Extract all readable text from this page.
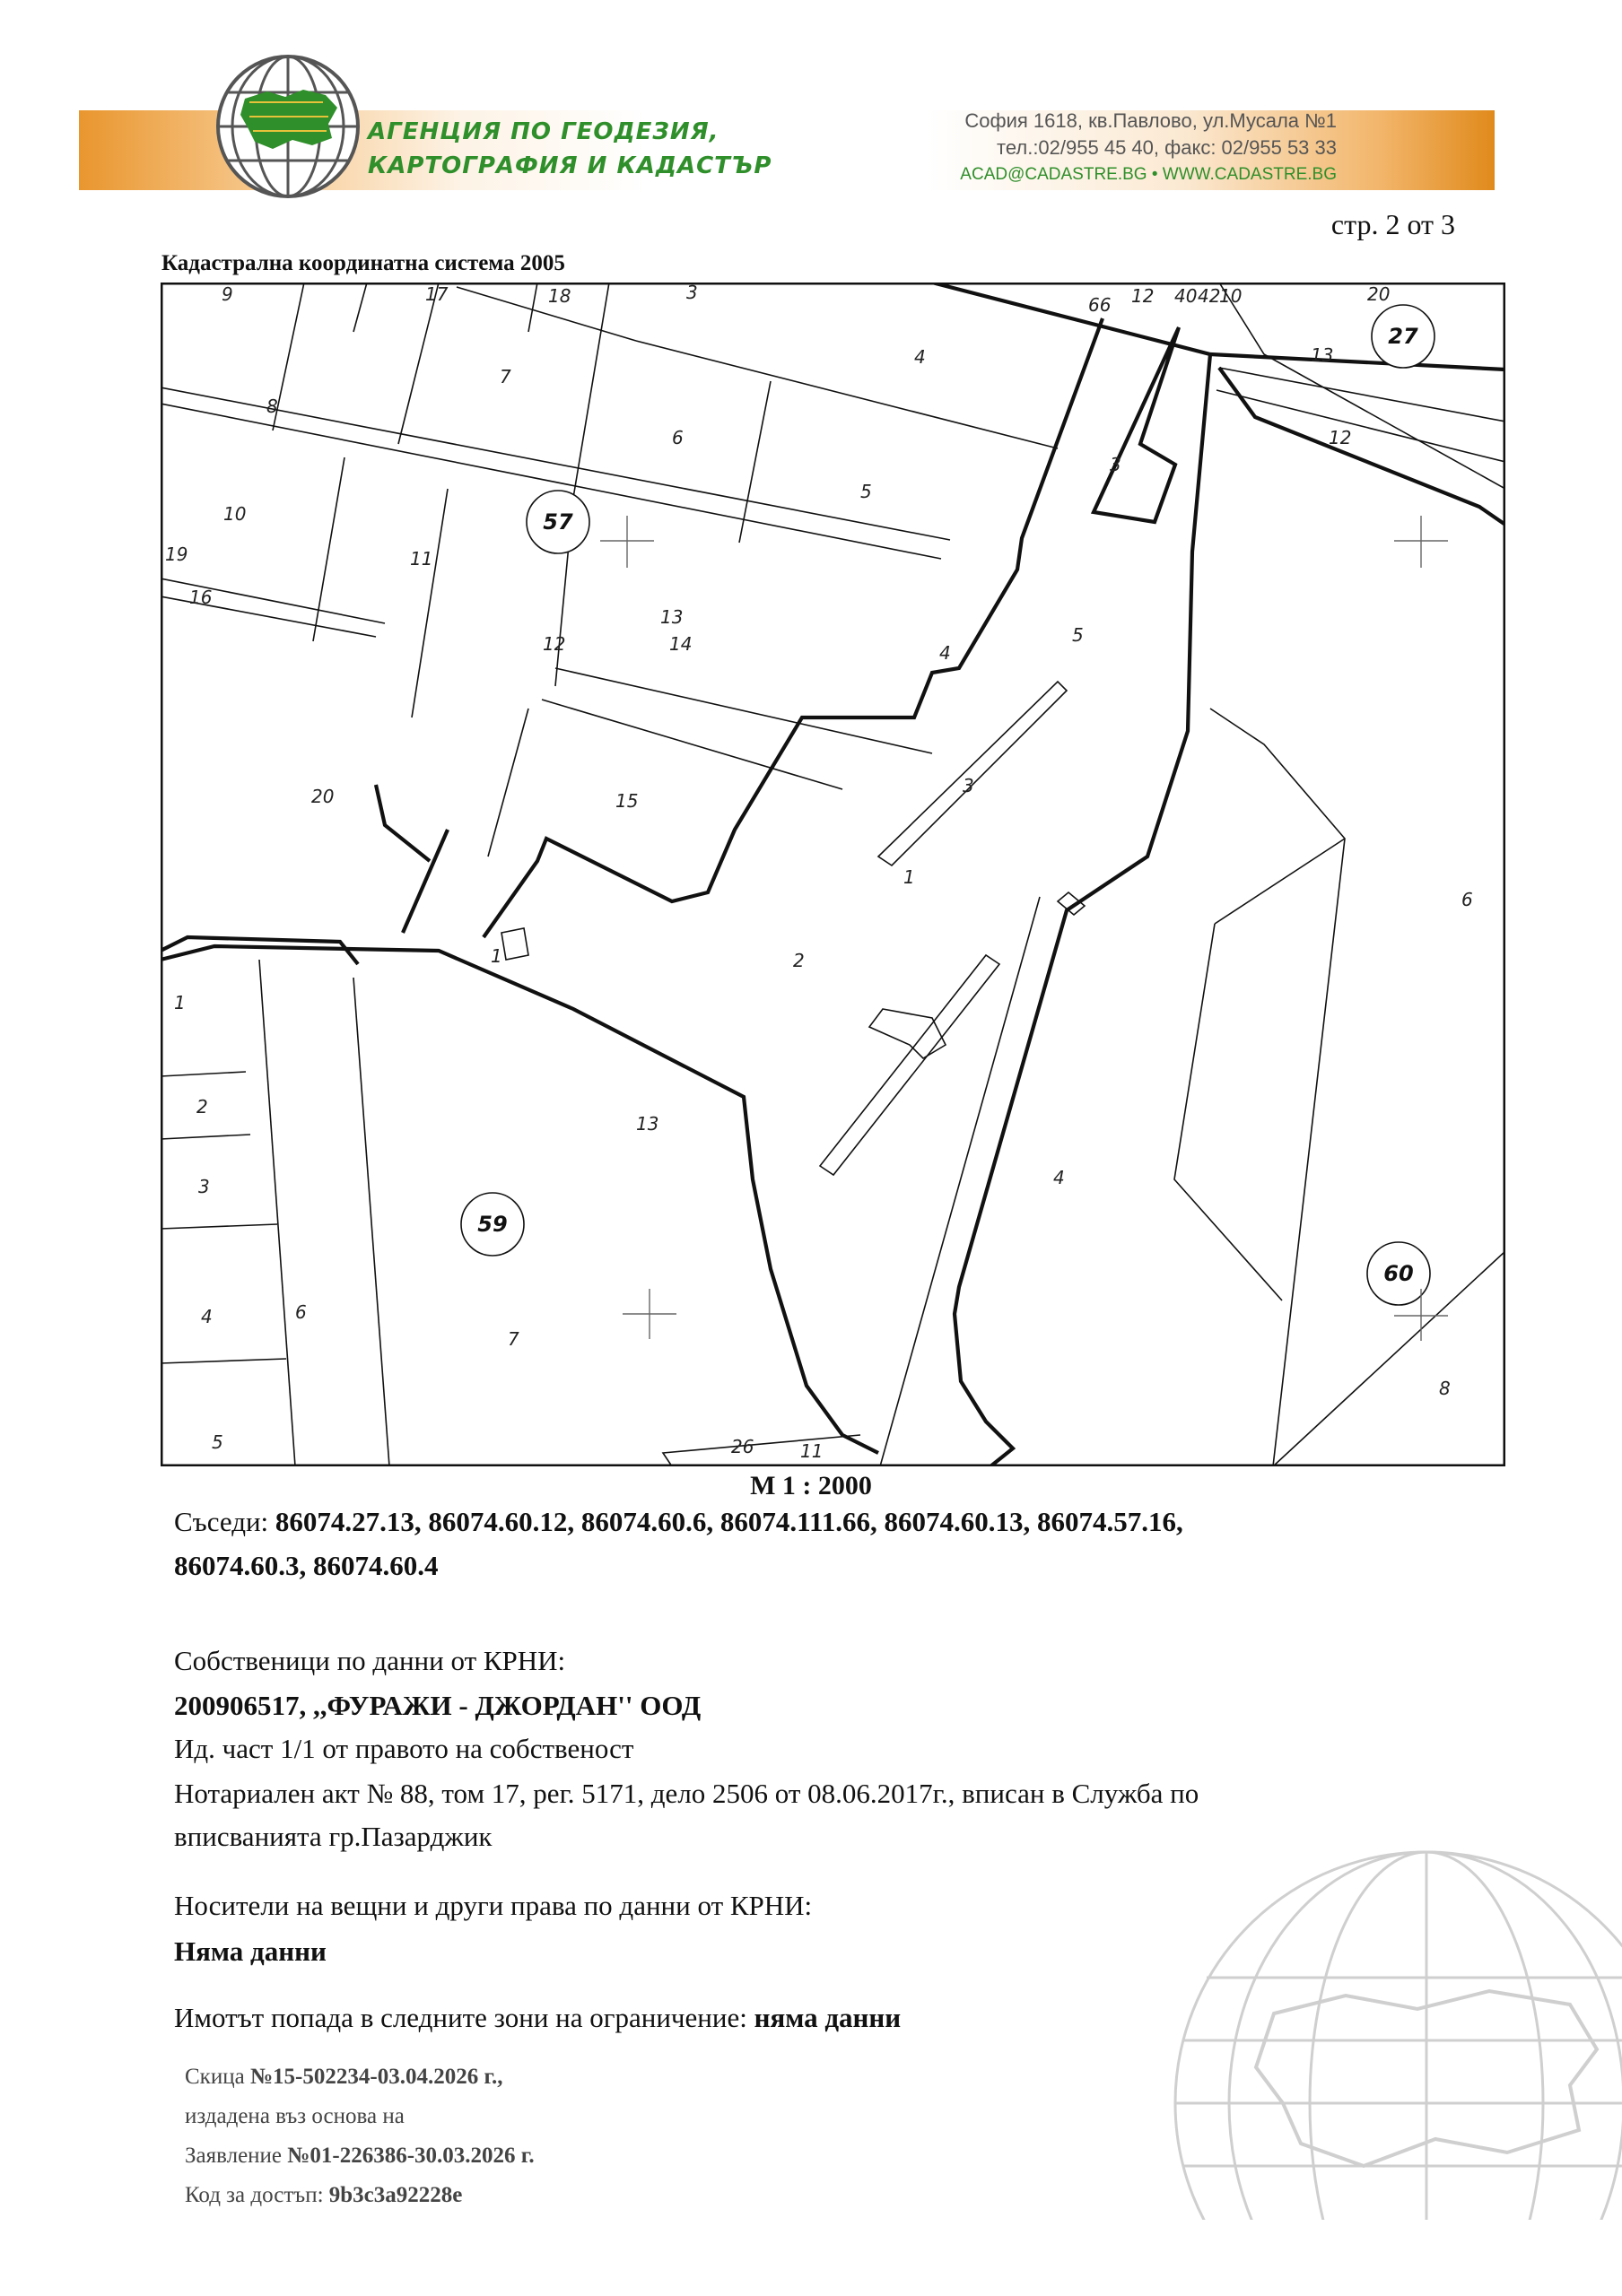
АГЕНЦИЯ ПО ГЕОДЕЗИЯ,
КАРТОГРАФИЯ И КАДАСТЪР
София 1618, кв.Павлово, ул.Мусала №1
тел.:02/955 45 40, факс: 02/955 53 33
ACAD@CADASTRE.BG • WWW.CADASTRE.BG
стр. 2 от 3
Кадастрална координатна система 2005
57
27
59
60
9	17	18	3
4
66 12 40 42
10	20
13
8
7
6
5
10
19
16
11
12
13
14
15
20
4
5
3
3
1
2
1
1
2
3
4
5
6
7
13
4
6
8
26	11
12
М 1 : 2000
Съседи: 86074.27.13, 86074.60.12, 86074.60.6, 86074.111.66, 86074.60.13, 86074.57.16,
86074.60.3, 86074.60.4
Собственици по данни от КРНИ:
200906517, ,,ФУРАЖИ - ДЖОРДАН'' ООД
Ид. част 1/1 от правото на собственост
Нотариален акт № 88, том 17, рег. 5171, дело 2506 от 08.06.2017г., вписан в Служба по
вписванията гр.Пазарджик
Носители на вещни и други права по данни от КРНИ:
Няма данни
Имотът попада в следните зони на ограничение: няма данни
Скица №15-502234-03.04.2026 г.,
издадена въз основа на
Заявление №01-226386-30.03.2026 г.
Код за достъп: 9b3c3a92228e
